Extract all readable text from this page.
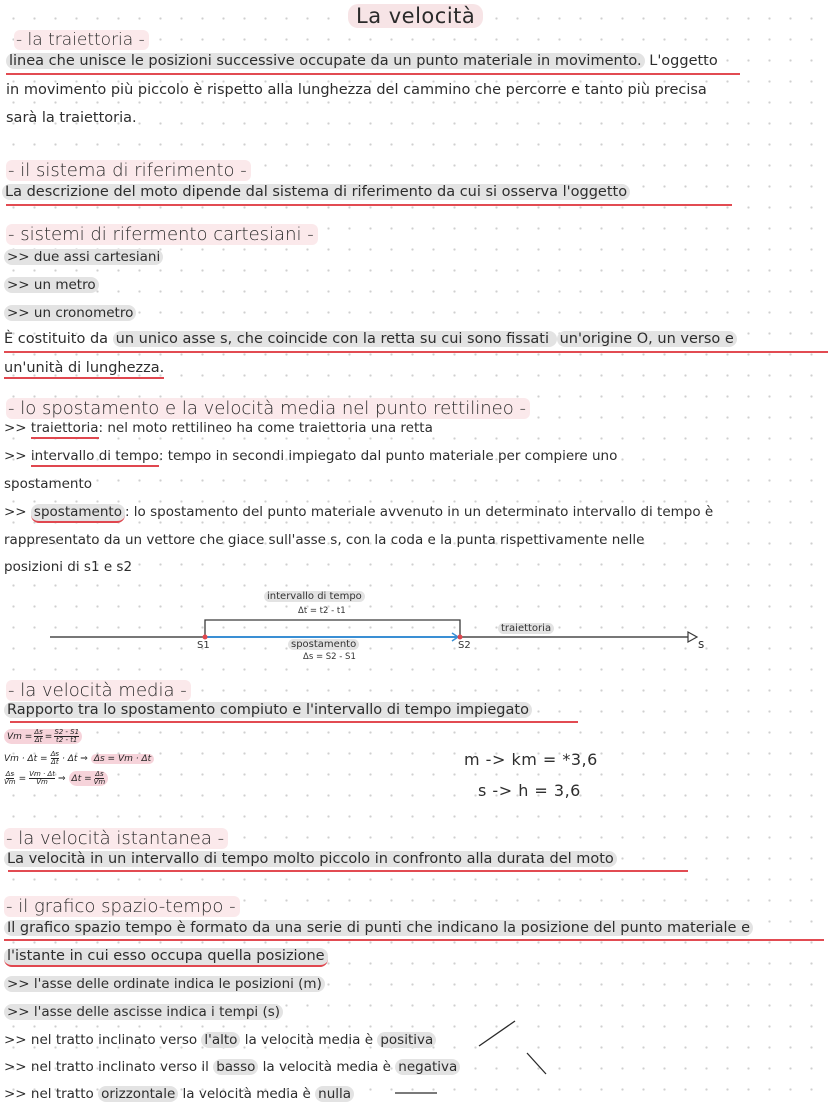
La velocità
- la traiettoria -
linea che unisce le posizioni successive occupate da un punto materiale in movimento. L'oggetto
in movimento più piccolo è rispetto alla lunghezza del cammino che percorre e tanto più precisa
sarà la traiettoria.
- il sistema di riferimento -
La descrizione del moto dipende dal sistema di riferimento da cui si osserva l'oggetto
- sistemi di rifermento cartesiani -
>> due assi cartesiani
>> un metro
>> un cronometro
È costituito da un unico asse s, che coincide con la retta su cui sono fissati un'origine O, un verso e
un'unità di lunghezza.
- lo spostamento e la velocità media nel punto rettilineo -
>> traiettoria: nel moto rettilineo ha come traiettoria una retta
>> intervallo di tempo: tempo in secondi impiegato dal punto materiale per compiere uno
spostamento
>> spostamento : lo spostamento del punto materiale avvenuto in un determinato intervallo di tempo è
rappresentato da un vettore che giace sull'asse s, con la coda e la punta rispettivamente nelle
posizioni di s1 e s2
intervallo di tempo
Δt = t2 - t1
S1	S2
spostamento
Δs = S2 - S1
traiettoria
s
- la velocità media -
Rapporto tra lo spostamento compiuto e l'intervallo di tempo impiegato
$Vm = \frac{\Delta s}{\Delta t} = \frac{S2 - S1}{t2 - t1}$
$Vm \cdot \Delta t = \frac{\Delta s}{\Delta t} \cdot \Delta t$ ⇒ Δs = Vm · Δt
$\frac{\Delta s}{Vm} = \frac{Vm \cdot \Delta t}{Vm}$ ⇒ $\Delta t = \frac{\Delta s}{Vm}$
m -> km = *3,6
s -> h = 3,6
- la velocità istantanea -
La velocità in un intervallo di tempo molto piccolo in confronto alla durata del moto
- il grafico spazio-tempo -
Il grafico spazio tempo è formato da una serie di punti che indicano la posizione del punto materiale e
l'istante in cui esso occupa quella posizione
>> l'asse delle ordinate indica le posizioni (m)
>> l'asse delle ascisse indica i tempi (s)
>> nel tratto inclinato verso l'alto la velocità media è positiva
>> nel tratto inclinato verso il basso la velocità media è negativa
>> nel tratto orizzontale la velocità media è nulla
